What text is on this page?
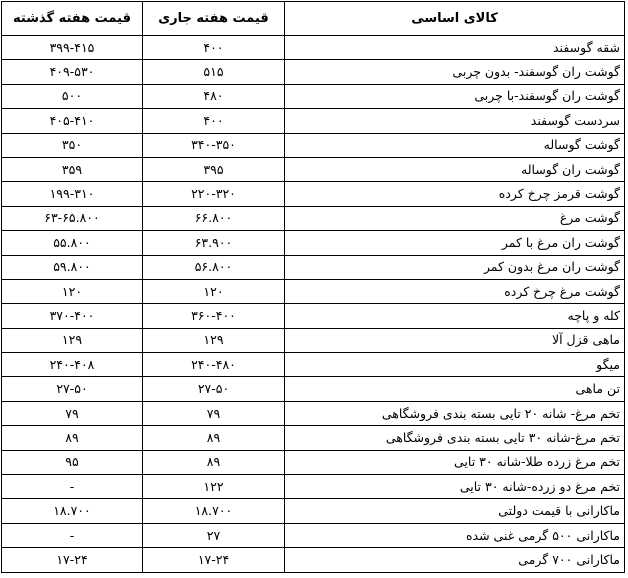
کالای اساسی	قیمت هفته جاری	قیمت هفته گذشته
شقه گوسفند	۴۰۰	۳۹۹-۴۱۵
گوشت ران گوسفند- بدون چربی	۵۱۵	۴۰۹-۵۳۰
گوشت ران گوسفند-با چربی	۴۸۰	۵۰۰
سردست گوسفند	۴۰۰	۴۰۵-۴۱۰
گوشت گوساله	۳۴۰-۳۵۰	۳۵۰
گوشت ران گوساله	۳۹۵	۳۵۹
گوشت قرمز چرخ کرده	۲۲۰-۳۲۰	۱۹۹-۳۱۰
گوشت مرغ	۶۶.۸۰۰	۶۳-۶۵.۸۰۰
گوشت ران مرغ با کمر	۶۳.۹۰۰	۵۵.۸۰۰
گوشت ران مرغ بدون کمر	۵۶.۸۰۰	۵۹.۸۰۰
گوشت مرغ چرخ کرده	۱۲۰	۱۲۰
کله و پاچه	۳۶۰-۴۰۰	۳۷۰-۴۰۰
ماهی قزل آلا	۱۲۹	۱۲۹
میگو	۲۴۰-۴۸۰	۲۴۰-۴۰۸
تن ماهی	۲۷-۵۰	۲۷-۵۰
تخم مرغ- شانه ۲۰ تایی بسته بندی فروشگاهی	۷۹	۷۹
تخم مرغ-شانه ۳۰ تایی بسته بندی فروشگاهی	۸۹	۸۹
تخم مرغ زرده طلا-شانه ۳۰ تایی	۸۹	۹۵
تخم مرغ دو زرده-شانه ۳۰ تایی	۱۲۲	-
ماکارانی با قیمت دولتی	۱۸.۷۰۰	۱۸.۷۰۰
ماکارانی ۵۰۰ گرمی غنی شده	۲۷	-
ماکارانی ۷۰۰ گرمی	۱۷-۲۴	۱۷-۲۴
